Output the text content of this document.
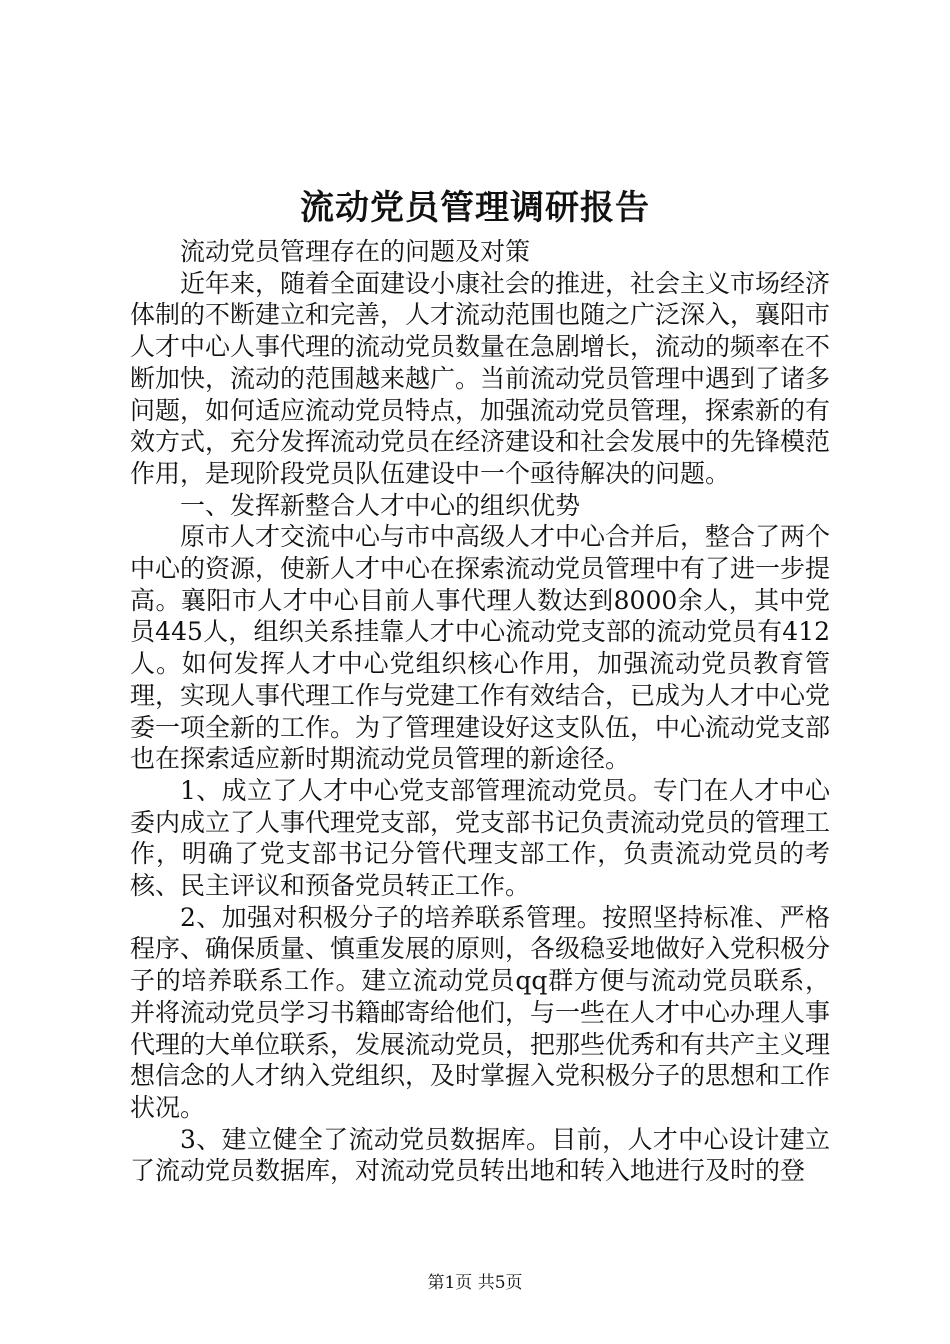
流动党员管理调研报告

流动党员管理存在的问题及对策

近年来，随着全面建设小康社会的推进，社会主义市场经济体制的不断建立和完善，人才流动范围也随之广泛深入，襄阳市人才中心人事代理的流动党员数量在急剧增长，流动的频率在不断加快，流动的范围越来越广。当前流动党员管理中遇到了诸多问题，如何适应流动党员特点，加强流动党员管理，探索新的有效方式，充分发挥流动党员在经济建设和社会发展中的先锋模范作用，是现阶段党员队伍建设中一个亟待解决的问题。

一、发挥新整合人才中心的组织优势

原市人才交流中心与市中高级人才中心合并后，整合了两个中心的资源，使新人才中心在探索流动党员管理中有了进一步提高。襄阳市人才中心目前人事代理人数达到8000余人，其中党员445人，组织关系挂靠人才中心流动党支部的流动党员有412人。如何发挥人才中心党组织核心作用，加强流动党员教育管理，实现人事代理工作与党建工作有效结合，已成为人才中心党委一项全新的工作。为了管理建设好这支队伍，中心流动党支部也在探索适应新时期流动党员管理的新途径。

1、成立了人才中心党支部管理流动党员。专门在人才中心委内成立了人事代理党支部，党支部书记负责流动党员的管理工作，明确了党支部书记分管代理支部工作，负责流动党员的考核、民主评议和预备党员转正工作。

2、加强对积极分子的培养联系管理。按照坚持标准、严格程序、确保质量、慎重发展的原则，各级稳妥地做好入党积极分子的培养联系工作。建立流动党员qq群方便与流动党员联系，并将流动党员学习书籍邮寄给他们，与一些在人才中心办理人事代理的大单位联系，发展流动党员，把那些优秀和有共产主义理想信念的人才纳入党组织，及时掌握入党积极分子的思想和工作状况。

3、建立健全了流动党员数据库。目前，人才中心设计建立了流动党员数据库，对流动党员转出地和转入地进行及时的登

第1页 共5页
